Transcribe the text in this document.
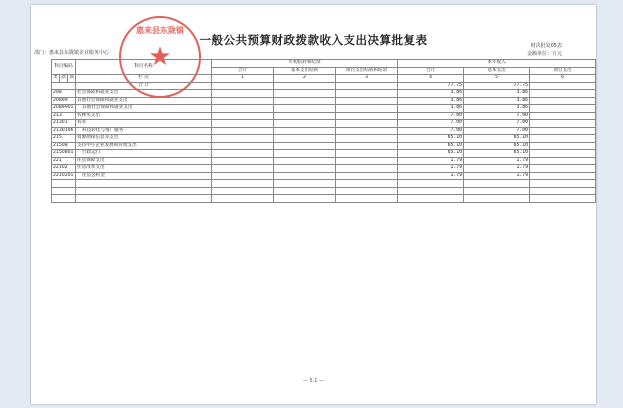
一般公共预算财政拨款收入支出决算批复表	财决批复05表
金额单位：万元
部门：惠来县东陇镇企业服务中心
惠来县东陇镇
★
科目编码			科目名称	年初结转和结余			本年收入		
				合计	基本支出结转	项目支出结转和结余	合计	基本支出	项目支出

类	款	项	栏 次	1	2	3	4	5	6
			合 计				77.75	77.75	
208			社会保障和就业支出				3.86	3.86	
20899			其他社会保障和就业支出				3.86	3.86	
2089901			其他社会保障和就业支出				3.86	3.86	
213			农林水支出				7.00	7.00	
21301			农业				7.00	7.00	
2130106			科技转化与推广服务				7.00	7.00	
215			资源勘探信息等支出				65.10	65.10	
21508			支持中小企业发展和管理支出				65.10	65.10	
2150801			行政运行				65.10	65.10	
221			住房保障支出				1.79	1.79	
22102			住房改革支出				1.79	1.79	
2210201			住房公积金				1.79	1.79	

— 5.1 —
